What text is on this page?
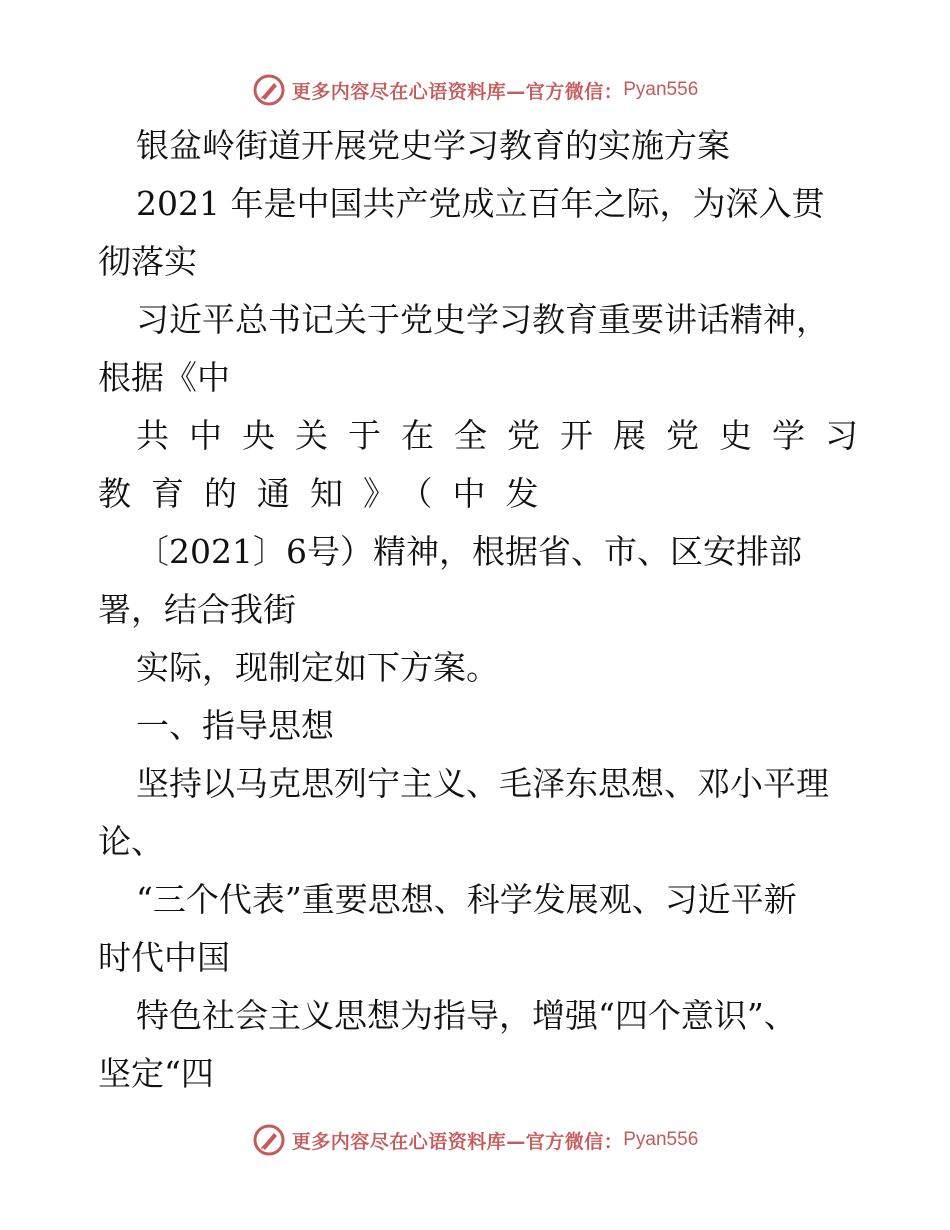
更多内容尽在心语资料库—官方微信： Pyan556
银盆岭街道开展党史学习教育的实施方案
2021 年是中国共产党成立百年之际，为深入贯
彻落实
习近平总书记关于党史学习教育重要讲话精神，
根据《中
共中央关于在全党开展党史学习
教育的通知》（中发
〔2021〕6号）精神，根据省、市、区安排部
署，结合我街
实际，现制定如下方案。
一、指导思想
坚持以马克思列宁主义、毛泽东思想、邓小平理
论、
“三个代表”重要思想、科学发展观、习近平新
时代中国
特色社会主义思想为指导，增强“四个意识”、
坚定“四
更多内容尽在心语资料库—官方微信： Pyan556
